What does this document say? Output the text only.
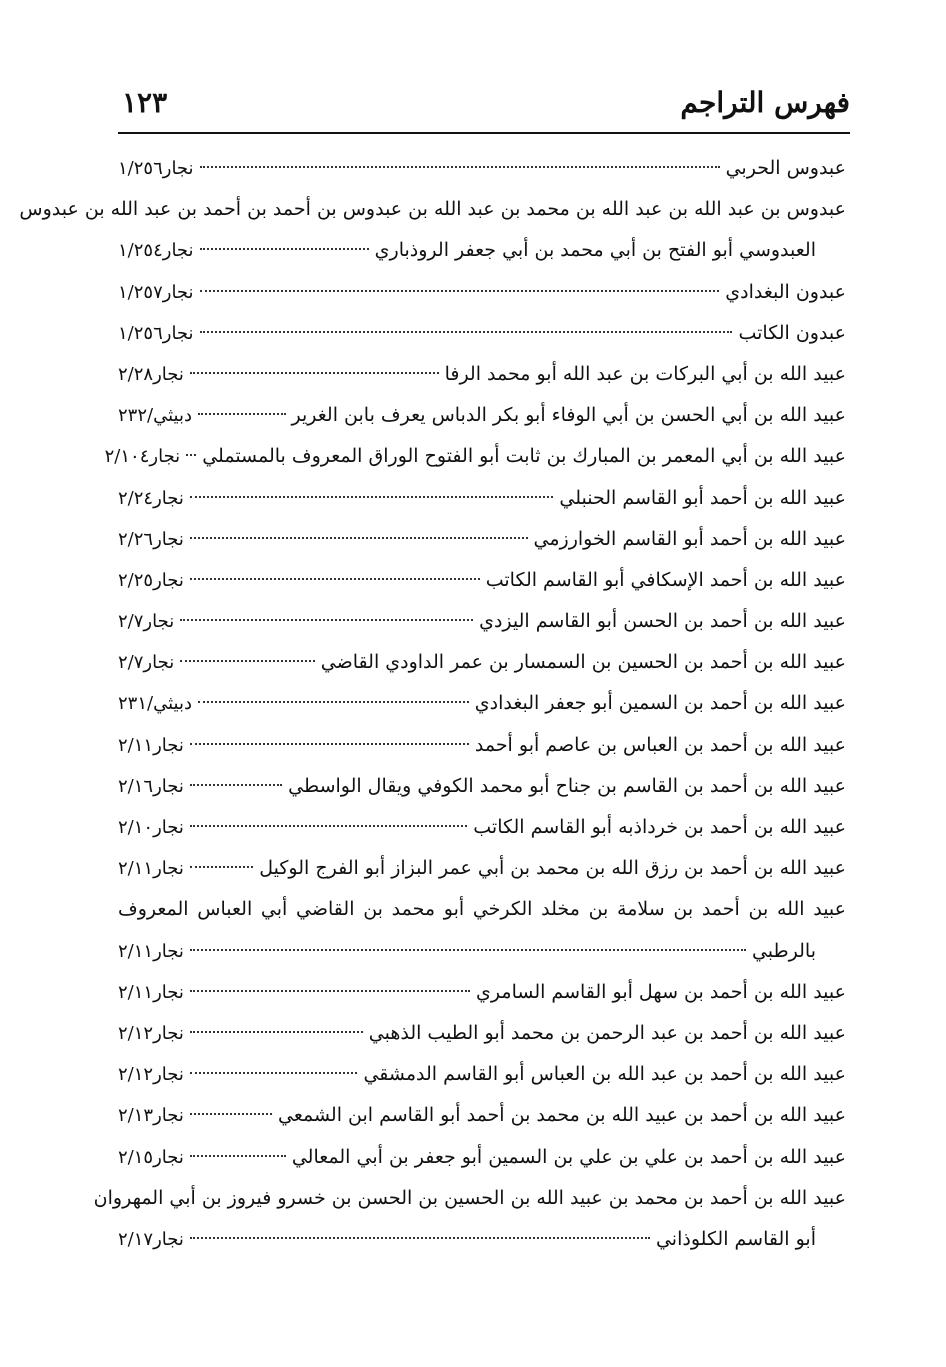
فهرس التراجم
١٢٣
عبدوس الحربي
نجار١/٢٥٦
عبدوس بن عبد الله بن عبد الله بن محمد بن عبد الله بن عبدوس بن أحمد بن أحمد بن عبد الله بن عبدوس
العبدوسي أبو الفتح بن أبي محمد بن أبي جعفر الروذباري
نجار١/٢٥٤
عبدون البغدادي
نجار١/٢٥٧
عبدون الكاتب
نجار١/٢٥٦
عبيد الله بن أبي البركات بن عبد الله أبو محمد الرفا
نجار٢/٢٨
عبيد الله بن أبي الحسن بن أبي الوفاء أبو بكر الدباس يعرف بابن الغرير
دبيثي/٢٣٢
عبيد الله بن أبي المعمر بن المبارك بن ثابت أبو الفتوح الوراق المعروف بالمستملي
نجار٢/١٠٤
عبيد الله بن أحمد أبو القاسم الحنبلي
نجار٢/٢٤
عبيد الله بن أحمد أبو القاسم الخوارزمي
نجار٢/٢٦
عبيد الله بن أحمد الإسكافي أبو القاسم الكاتب
نجار٢/٢٥
عبيد الله بن أحمد بن الحسن أبو القاسم اليزدي
نجار٢/٧
عبيد الله بن أحمد بن الحسين بن السمسار بن عمر الداودي القاضي
نجار٢/٧
عبيد الله بن أحمد بن السمين أبو جعفر البغدادي
دبيثي/٢٣١
عبيد الله بن أحمد بن العباس بن عاصم أبو أحمد
نجار٢/١١
عبيد الله بن أحمد بن القاسم بن جناح أبو محمد الكوفي ويقال الواسطي
نجار٢/١٦
عبيد الله بن أحمد بن خرداذبه أبو القاسم الكاتب
نجار٢/١٠
عبيد الله بن أحمد بن رزق الله بن محمد بن أبي عمر البزاز أبو الفرج الوكيل
نجار٢/١١
عبيد الله بن أحمد بن سلامة بن مخلد الكرخي أبو محمد بن القاضي أبي العباس المعروف
بالرطبي
نجار٢/١١
عبيد الله بن أحمد بن سهل أبو القاسم السامري
نجار٢/١١
عبيد الله بن أحمد بن عبد الرحمن بن محمد أبو الطيب الذهبي
نجار٢/١٢
عبيد الله بن أحمد بن عبد الله بن العباس أبو القاسم الدمشقي
نجار٢/١٢
عبيد الله بن أحمد بن عبيد الله بن محمد بن أحمد أبو القاسم ابن الشمعي
نجار٢/١٣
عبيد الله بن أحمد بن علي بن علي بن السمين أبو جعفر بن أبي المعالي
نجار٢/١٥
عبيد الله بن أحمد بن محمد بن عبيد الله بن الحسين بن الحسن بن خسرو فيروز بن أبي المهروان
أبو القاسم الكلوذاني
نجار٢/١٧
